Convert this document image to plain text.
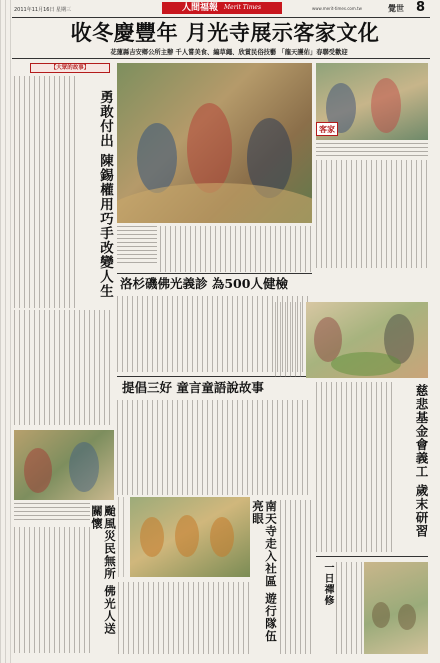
2011年11月16日 星期三	人間福報 Merit Times	www.merit-times.com.tw	覺世 8
收冬慶豐年 月光寺展示客家文化
花蓮縣吉安鄉公所主辦 千人嘗美食、編草繩、欣賞民俗技藝 「龍天護佑」春聯受歡迎
【大眾的故事】
勇敢付出 陳錫權用巧手改變人生	客家
洛杉磯佛光義診 為500人健檢
提倡三好 童言童語說故事	慈悲基金會義工 歲末研習
颱風災民無所 佛光人送關懷	南天寺走入社區 遊行隊伍亮眼
一日禪修
